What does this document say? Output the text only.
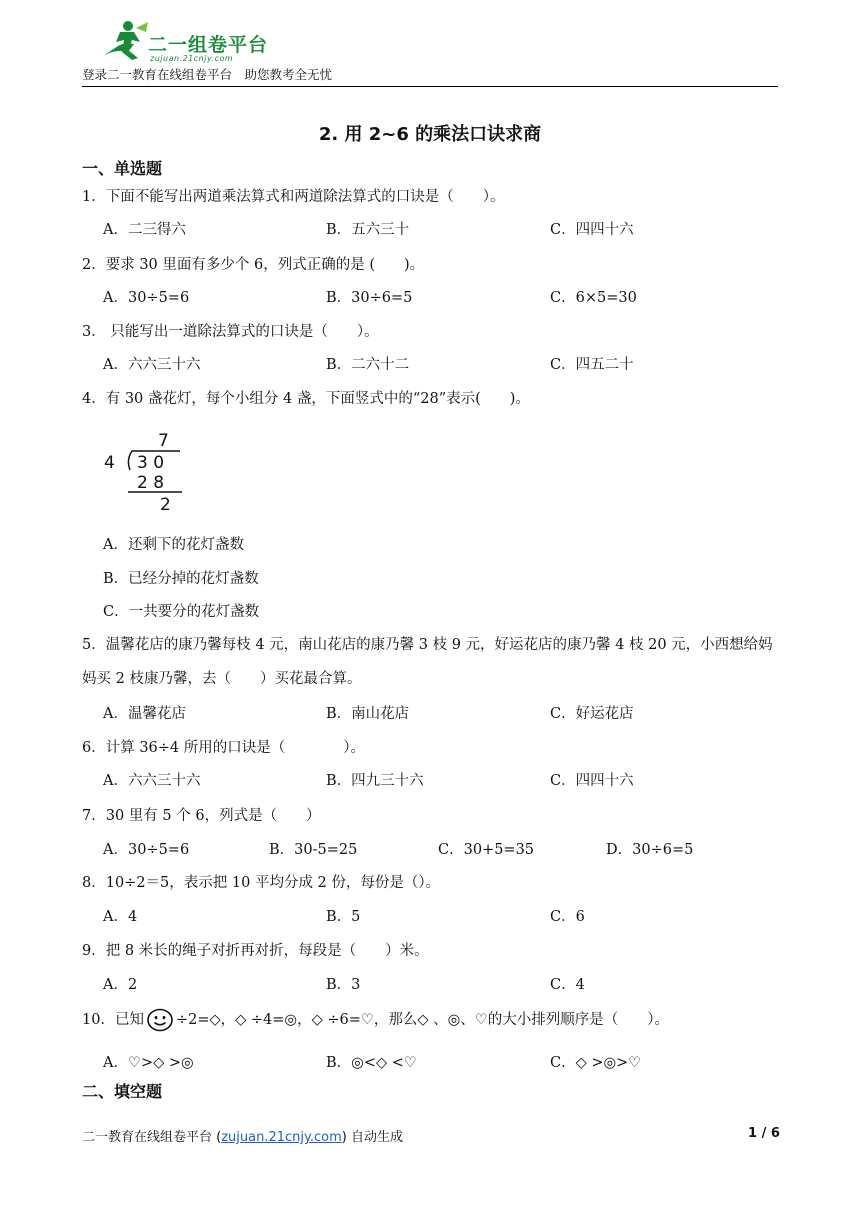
二一组卷平台
zujuan.21cnjy.com
登录二一教育在线组卷平台　助您教考全无忧
2. 用 2~6 的乘法口诀求商
一、单选题
1．下面不能写出两道乘法算式和两道除法算式的口诀是（　　）。
A．二三得六	B．五六三十	C．四四十六
2．要求 30 里面有多少个 6，列式正确的是 (　　)。
A．30÷5=6	B．30÷6=5	C．6×5=30
3． 只能写出一道除法算式的口诀是（　　）。
A．六六三十六	B．二六十二	C．四五二十
4．有 30 盏花灯，每个小组分 4 盏，下面竖式中的“28”表示(　　)。
7
4 3 0
2 8
2
A．还剩下的花灯盏数
B．已经分掉的花灯盏数
C．一共要分的花灯盏数
5．温馨花店的康乃馨每枝 4 元，南山花店的康乃馨 3 枝 9 元，好运花店的康乃馨 4 枝 20 元，小西想给妈妈买 2 枝康乃馨，去（　　）买花最合算。
A．温馨花店	B．南山花店	C．好运花店
6．计算 36÷4 所用的口诀是（　　　　）。
A．六六三十六	B．四九三十六	C．四四十六
7．30 里有 5 个 6，列式是（　　）
A．30÷5=6	B．30-5=25	C．30+5=35	D．30÷6=5
8．10÷2＝5，表示把 10 平均分成 2 份，每份是（）。
A．4	B．5	C．6
9．把 8 米长的绳子对折再对折，每段是（　　）米。
A．2	B．3	C．4
10．已知 ÷2=◇，◇ ÷4=◎，◇ ÷6=♡，那么◇ 、◎、♡的大小排列顺序是（　　）。
A．♡>◇ >◎	B．◎<◇ <♡	C．◇ >◎>♡
二、填空题
二一教育在线组卷平台 (zujuan.21cnjy.com) 自动生成	1 / 6
